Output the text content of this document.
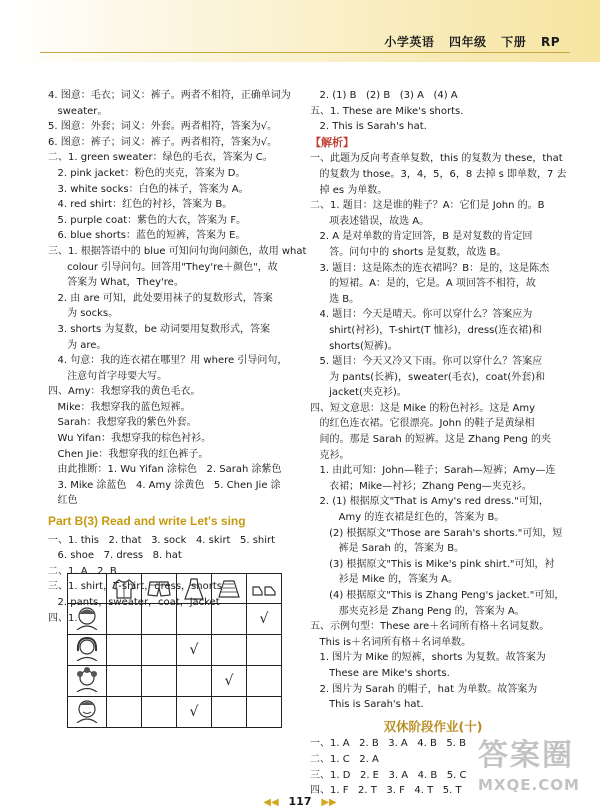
小学英语 四年级 下册 RP
4. 图意：毛衣；词义：裤子。两者不相符，正确单词为
sweater。
5. 图意：外套；词义：外套。两者相符，答案为√。
6. 图意：裤子；词义：裤子。两者相符，答案为√。
二、1. green sweater：绿色的毛衣，答案为 C。
2. pink jacket：粉色的夹克，答案为 D。
3. white socks：白色的袜子，答案为 A。
4. red shirt：红色的衬衫，答案为 B。
5. purple coat：紫色的大衣，答案为 F。
6. blue shorts：蓝色的短裤，答案为 E。
三、1. 根据答语中的 blue 可知问句询问颜色，故用 what
colour 引导问句。回答用"They're＋颜色"，故
答案为 What，They're。
2. 由 are 可知，此处要用袜子的复数形式，答案
为 socks。
3. shorts 为复数，be 动词要用复数形式，答案
为 are。
4. 句意：我的连衣裙在哪里？用 where 引导问句，
注意句首字母要大写。
四、Amy：我想穿我的黄色毛衣。
Mike：我想穿我的蓝色短裤。
Sarah：我想穿我的紫色外套。
Wu Yifan：我想穿我的棕色衬衫。
Chen Jie：我想穿我的红色裤子。
由此推断：1. Wu Yifan 涂棕色   2. Sarah 涂紫色
3. Mike 涂蓝色   4. Amy 涂黄色   5. Chen Jie 涂
红色
Part B(3) Read and write Let's sing
一、1. this   2. that   3. sock   4. skirt   5. shirt
6. shoe   7. dress   8. hat
二、1. A   2. B
三、1. shirt，T-shirt，dress，shorts
2. pants，sweater，coat，jacket
四、1.

						√
			√		
				√	
			√		
2. (1) B   (2) B   (3) A   (4) A
五、1. These are Mike's shorts.
2. This is Sarah's hat.
【解析】
一、此题为反向考查单复数，this 的复数为 these，that
的复数为 those。3，4，5，6，8 去掉 s 即单数，7 去
掉 es 为单数。
二、1. 题目：这是谁的鞋子？A：它们是 John 的。B
项表述错误，故选 A。
2. A 是对单数的肯定回答，B 是对复数的肯定回
答。问句中的 shorts 是复数，故选 B。
3. 题目：这是陈杰的连衣裙吗？B：是的，这是陈杰
的短裙。A：是的，它是。A 项回答不相符，故
选 B。
4. 题目：今天是晴天。你可以穿什么？答案应为
shirt(衬衫)，T-shirt(T 恤衫)，dress(连衣裙)和
shorts(短裤)。
5. 题目：今天又冷又下雨。你可以穿什么？答案应
为 pants(长裤)，sweater(毛衣)，coat(外套)和
jacket(夹克衫)。
四、短文意思：这是 Mike 的粉色衬衫。这是 Amy
的红色连衣裙。它很漂亮。John 的鞋子是黄绿相
间的。那是 Sarah 的短裤。这是 Zhang Peng 的夹
克衫。
1. 由此可知：John—鞋子；Sarah—短裤；Amy—连
衣裙；Mike—衬衫；Zhang Peng—夹克衫。
2. (1) 根据原文"That is Amy's red dress."可知，
Amy 的连衣裙是红色的，答案为 B。
(2) 根据原文"Those are Sarah's shorts."可知，短
裤是 Sarah 的，答案为 B。
(3) 根据原文"This is Mike's pink shirt."可知，衬
衫是 Mike 的，答案为 A。
(4) 根据原文"This is Zhang Peng's jacket."可知，
那夹克衫是 Zhang Peng 的，答案为 A。
五、示例句型：These are＋名词所有格＋名词复数。
This is＋名词所有格＋名词单数。
1. 图片为 Mike 的短裤，shorts 为复数。故答案为
These are Mike's shorts.
2. 图片为 Sarah 的帽子，hat 为单数。故答案为
This is Sarah's hat.
双休阶段作业(十)
一、1. A   2. B   3. A   4. B   5. B
二、1. C   2. A
三、1. D   2. E   3. A   4. B   5. C
四、1. F   2. T   3. F   4. T   5. T
◀◀ 117 ▶▶
答案圈
MXQE.COM
